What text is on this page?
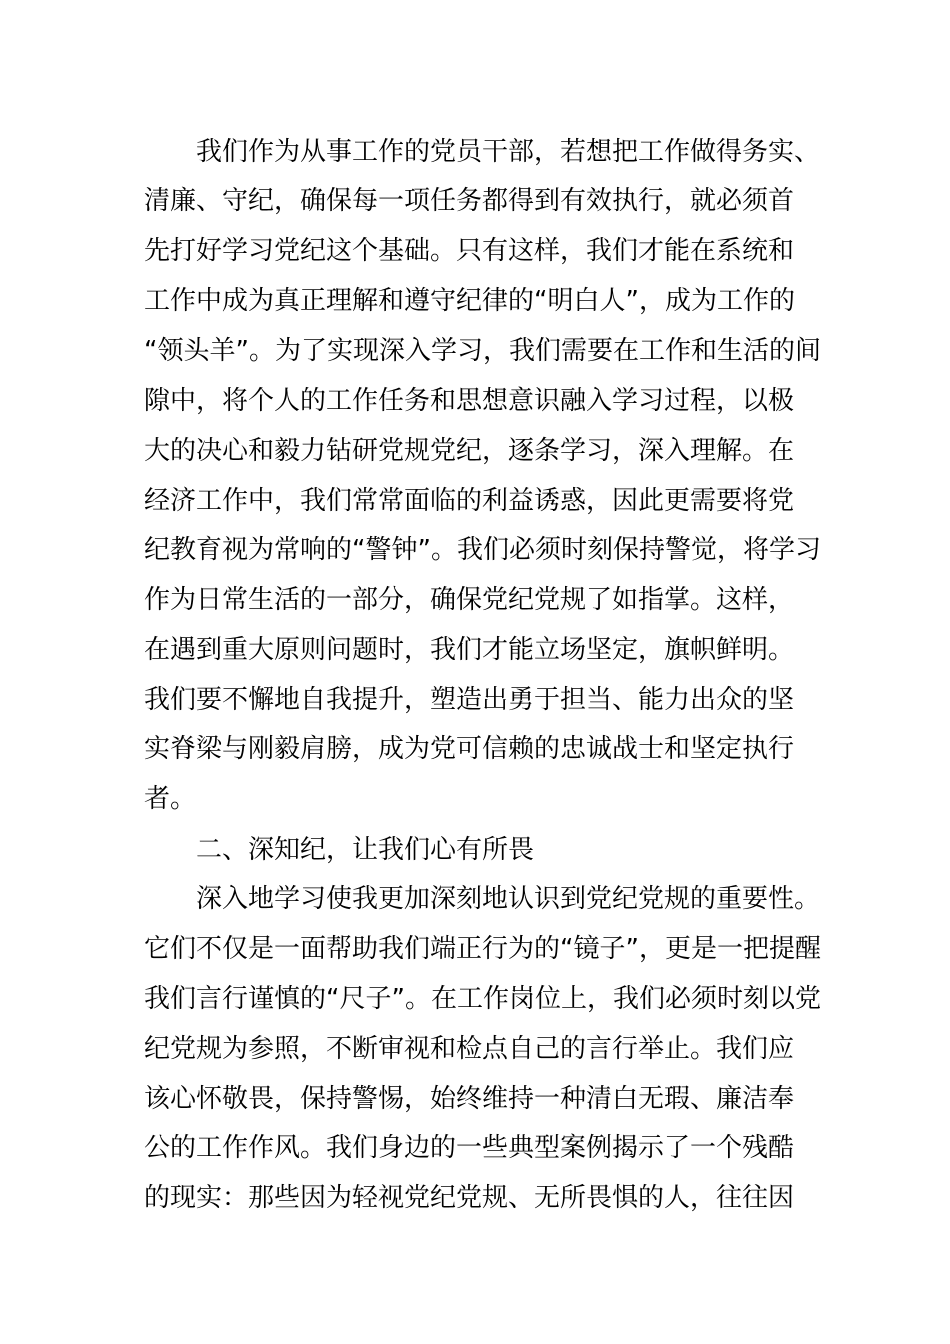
我们作为从事工作的党员干部，若想把工作做得务实、
清廉、守纪，确保每一项任务都得到有效执行，就必须首
先打好学习党纪这个基础。只有这样，我们才能在系统和
工作中成为真正理解和遵守纪律的“明白人”，成为工作的
“领头羊”。为了实现深入学习，我们需要在工作和生活的间
隙中，将个人的工作任务和思想意识融入学习过程，以极
大的决心和毅力钻研党规党纪，逐条学习，深入理解。在
经济工作中，我们常常面临的利益诱惑，因此更需要将党
纪教育视为常响的“警钟”。我们必须时刻保持警觉，将学习
作为日常生活的一部分，确保党纪党规了如指掌。这样，
在遇到重大原则问题时，我们才能立场坚定，旗帜鲜明。
我们要不懈地自我提升，塑造出勇于担当、能力出众的坚
实脊梁与刚毅肩膀，成为党可信赖的忠诚战士和坚定执行
者。
二、深知纪，让我们心有所畏
深入地学习使我更加深刻地认识到党纪党规的重要性。
它们不仅是一面帮助我们端正行为的“镜子”，更是一把提醒
我们言行谨慎的“尺子”。在工作岗位上，我们必须时刻以党
纪党规为参照，不断审视和检点自己的言行举止。我们应
该心怀敬畏，保持警惕，始终维持一种清白无瑕、廉洁奉
公的工作作风。我们身边的一些典型案例揭示了一个残酷
的现实：那些因为轻视党纪党规、无所畏惧的人，往往因
